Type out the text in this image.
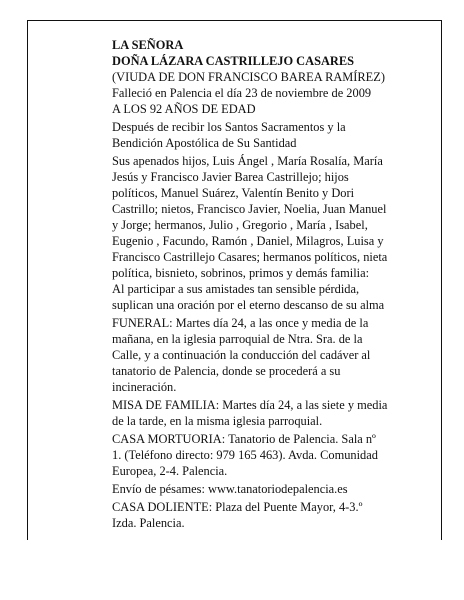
LA SEÑORA
DOÑA LÁZARA CASTRILLEJO CASARES
(VIUDA DE DON FRANCISCO BAREA RAMÍREZ)
Falleció en Palencia el día 23 de noviembre de 2009
A LOS 92 AÑOS DE EDAD
Después de recibir los Santos Sacramentos y la
Bendición Apostólica de Su Santidad
Sus apenados hijos, Luis Ángel , María Rosalía, María
Jesús y Francisco Javier Barea Castrillejo; hijos
políticos, Manuel Suárez, Valentín Benito y Dori
Castrillo; nietos, Francisco Javier, Noelia, Juan Manuel
y Jorge; hermanos, Julio , Gregorio , María , Isabel,
Eugenio , Facundo, Ramón , Daniel, Milagros, Luisa y
Francisco Castrillejo Casares; hermanos políticos, nieta
política, bisnieto, sobrinos, primos y demás familia:
Al participar a sus amistades tan sensible pérdida,
suplican una oración por el eterno descanso de su alma
FUNERAL: Martes día 24, a las once y media de la
mañana, en la iglesia parroquial de Ntra. Sra. de la
Calle, y a continuación la conducción del cadáver al
tanatorio de Palencia, donde se procederá a su
incineración.
MISA DE FAMILIA: Martes día 24, a las siete y media
de la tarde, en la misma iglesia parroquial.
CASA MORTUORIA: Tanatorio de Palencia. Sala nº
1. (Teléfono directo: 979 165 463). Avda. Comunidad
Europea, 2-4. Palencia.
Envío de pésames: www.tanatoriodepalencia.es
CASA DOLIENTE: Plaza del Puente Mayor, 4-3.º
Izda. Palencia.
